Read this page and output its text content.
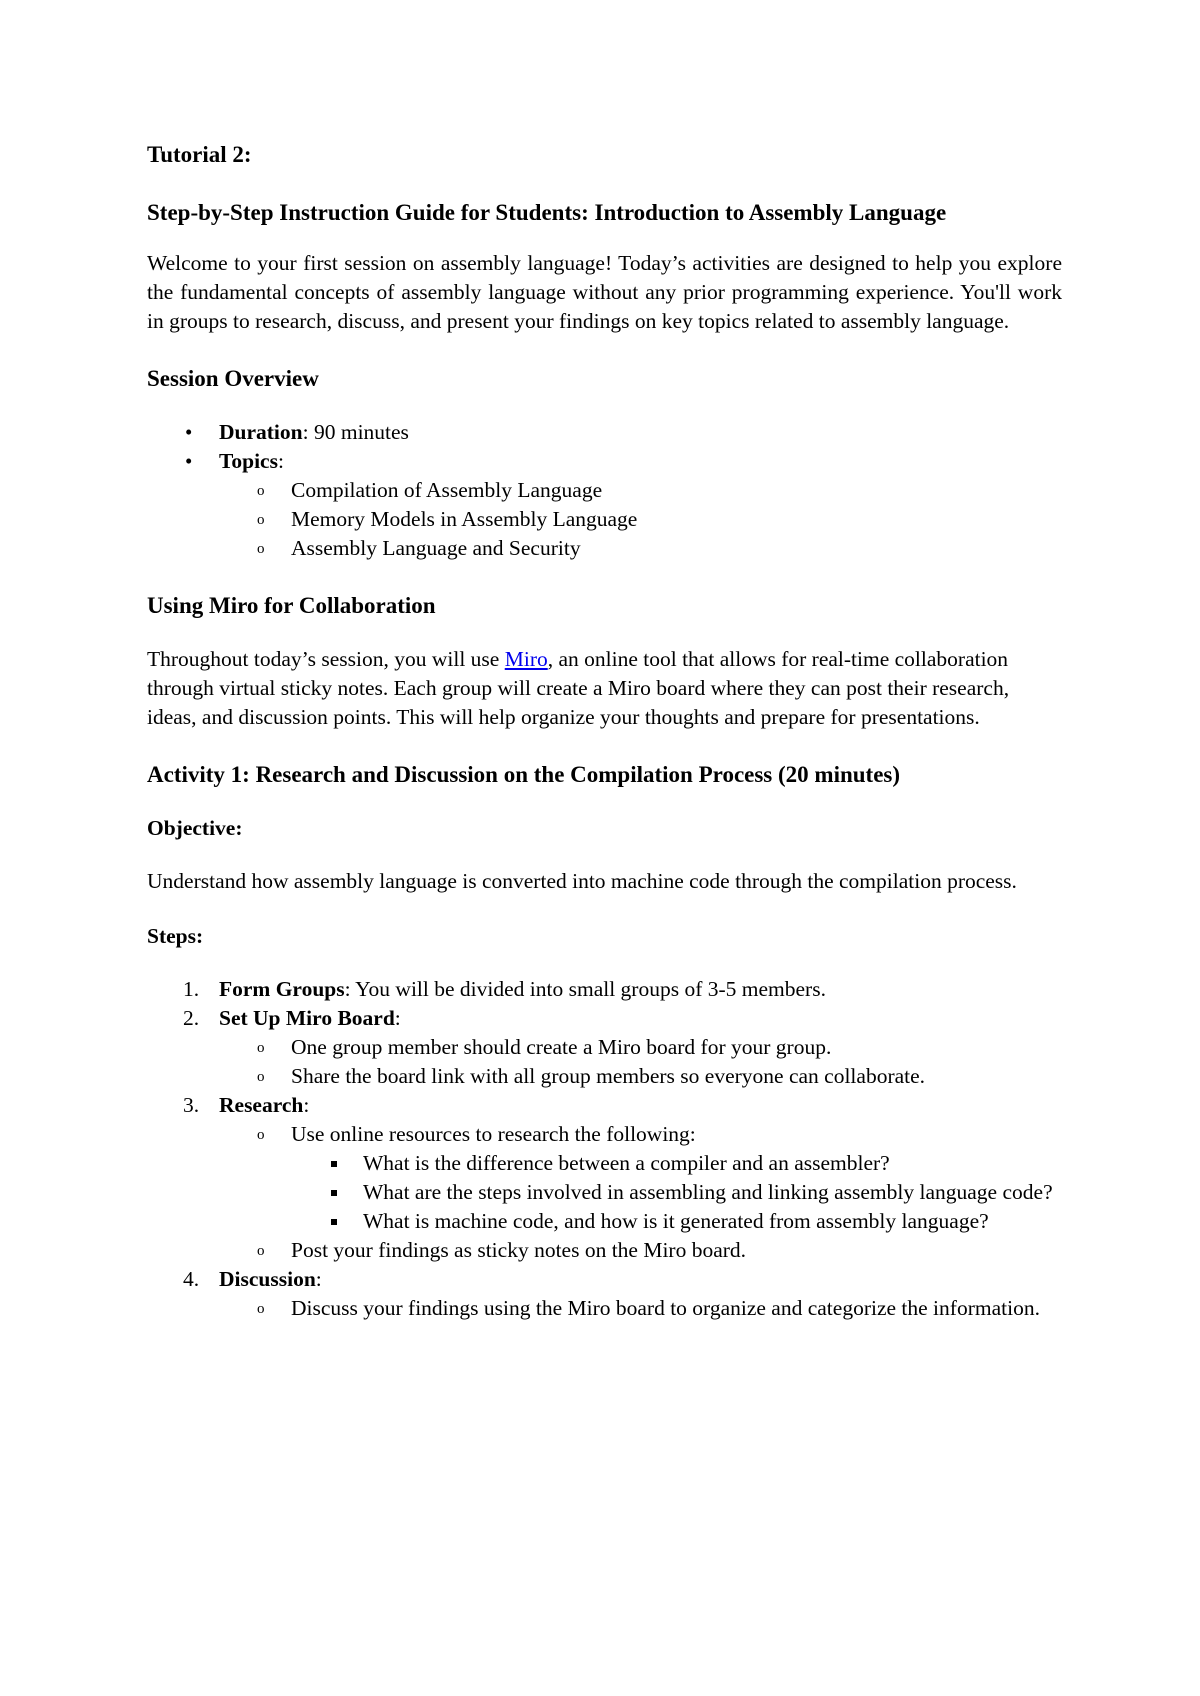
Tutorial 2:
Step-by-Step Instruction Guide for Students: Introduction to Assembly Language

Welcome to your first session on assembly language! Today’s activities are designed to help you explore the fundamental concepts of assembly language without any prior programming experience. You'll work in groups to research, discuss, and present your findings on key topics related to assembly language.

Session Overview
• Duration: 90 minutes
• Topics:
o Compilation of Assembly Language
o Memory Models in Assembly Language
o Assembly Language and Security
Using Miro for Collaboration

Throughout today’s session, you will use Miro, an online tool that allows for real-time collaboration through virtual sticky notes. Each group will create a Miro board where they can post their research, ideas, and discussion points. This will help organize your thoughts and prepare for presentations.

Activity 1: Research and Discussion on the Compilation Process (20 minutes)
Objective:

Understand how assembly language is converted into machine code through the compilation process.

Steps:
1. Form Groups: You will be divided into small groups of 3-5 members.
2. Set Up Miro Board:
o One group member should create a Miro board for your group.
o Share the board link with all group members so everyone can collaborate.
3. Research:
o Use online resources to research the following:
What is the difference between a compiler and an assembler?
What are the steps involved in assembling and linking assembly language code?
What is machine code, and how is it generated from assembly language?
o Post your findings as sticky notes on the Miro board.
4. Discussion:
o Discuss your findings using the Miro board to organize and categorize the information.
